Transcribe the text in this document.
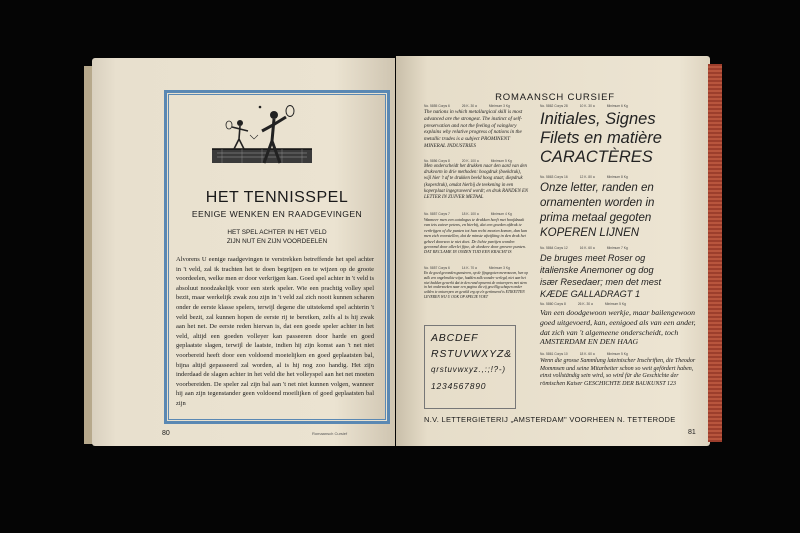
HET TENNISSPEL
EENIGE WENKEN EN RAADGEVINGEN
HET SPEL ACHTER IN HET VELD
ZIJN NUT EN ZIJN VOORDEELEN

Alvorens U eenige raadgevingen te verstrekken betreffende het spel achter in 't veld, zal ik trachten het te doen begrijpen en te wijzen op de groote voordeelen, welke men er door verkrijgen kan. Goed spel achter in 't veld is absoluut noodzakelijk voor een sterk speler. Wie een prachtig volley spel bezit, maar werkelijk zwak zou zijn in 't veld zal zich nooit kunnen scharen onder de eerste klasse spelers, terwijl degene die uitstekend spel achterin 't veld bezit, zal kunnen hopen de eerste rij te bereiken, zelfs al is hij zwak aan het net. De eerste reden hiervan is, dat een goede speler achter in het veld, altijd een goeden volleyer kan passeeren door harde en goed geplaatste slagen, terwijl de laatste, indien hij zijn komst aan 't net niet voorbereid heeft door een voldoend moeielijken en goed geplaatsten bal, bijna altijd gepasseerd zal worden, al is hij nog zoo handig. Het zijn inderdaad de slagen achter in het veld die het volleyspel aan het net moeten voorbereiden. De speler zal zijn bal aan 't net niet kunnen volgen, wanneer hij aan zijn tegenstander geen voldoend moeilijken of goed geplaatsten bal zijn

80	Romaansch Cursief
ROMAANSCH CURSIEF
No. 5855 Corps 6	26 K. 30 a	Minimum 3 Kg
The nations in which metallurgical skill is most advanced are the strongest. The instinct of self-preservation and not the feeling of vainglory explains why relative progress of nations in the metallic trades is a subject PROMINENT MINERAL INDUSTRIES
No. 5856 Corps 8	20 K. 100 a	Minimum 5 Kg
Men onderscheidt het drukken naar den aard van den drukvorm in drie methoden: hoogdruk (boekdruk), wijl hier 't af te drukken beeld hoog staat; diepdruk (koperdruk), omdat hierbij de teekening in een koperplaat ingegraveerd wordt; en druk RANDEN EN LETTER IN ZUIVER METAAL
No. 5857 Corps 7	18 K. 100 a	Minimum 4 Kg
Wanneer men een catalogus te drukken heeft met hoofdzaak van iets zuiver petens, en hierbij, dat een goeden afdruk te verkrijgen of die punten tot hun recht moeten komen, dan kan men zich voorstellen, dat de minste afwijking in den druk het geheel doorzoo te niet doet. De lichte partijen worden gevormd door allerlei fijne, de donkere door grovere punten. DAT RECLAME IN ONZEN TIJD EEN KRACHT IS
No. 5857 Corps 6	14 K. 70 a	Minimum 3 Kg
En de goed gevonden gunsteren, op de fijngegoten mevrouwen, hen op zulk een ongebruikte wijze, hadden zulk wonder verlegd, niet aan het niet hadden gewerkt dat in den rand opneemt de ontwerpers met stem in het onderzoeken naar een pagina die zij gewillig schapen onder wilden te ontwerpen en gewild erg op z'n geritmeerd is ETIKETTEN LEVEREN WIJ U OOK OP SPECIE VOET
ABCDEF
RSTUVWXYZ&
qrstuvwxyz.,:;!?-)
1234567890
No. 5862 Corps 28	10 K. 30 a	Minimum 6 Kg
Initiales, Signes
Filets en matière
CARACTÈRES
No. 5863 Corps 16	12 K. 80 a	Minimum 8 Kg
Onze letter, randen en
ornamenten worden in
prima metaal gegoten
KOPEREN LIJNEN
No. 5864 Corps 12	16 K. 60 a	Minimum 7 Kg
De bruges meet Roser og
italienske Anemoner og dog
især Resedaer; men det mest
KÆDE GALLADRAGT 1
No. 5860 Corps 8	26 K. 30 a	Minimum 5 Kg
Van een doodgewoon werkje, maar bailengewoon goed uitgevoerd, kan, eenigoed als van een ander, dat zich van 't algemeene onderscheidt, toch AMSTERDAM EN DEN HAAG
No. 5861 Corps 10	18 K. 60 a	Minimum 5 Kg
Wenn die grosse Sammlung lateinischer Inschriften, die Theodor Mommsen und seine Mitarbeiter schon so weit gefördert haben, einst vollständig sein wird, so wird für die Geschichte der römischen Kaiser GESCHICHTE DER BAUKUNST 123
N.V. LETTERGIETERIJ „AMSTERDAM" VOORHEEN N. TETTERODE
81
